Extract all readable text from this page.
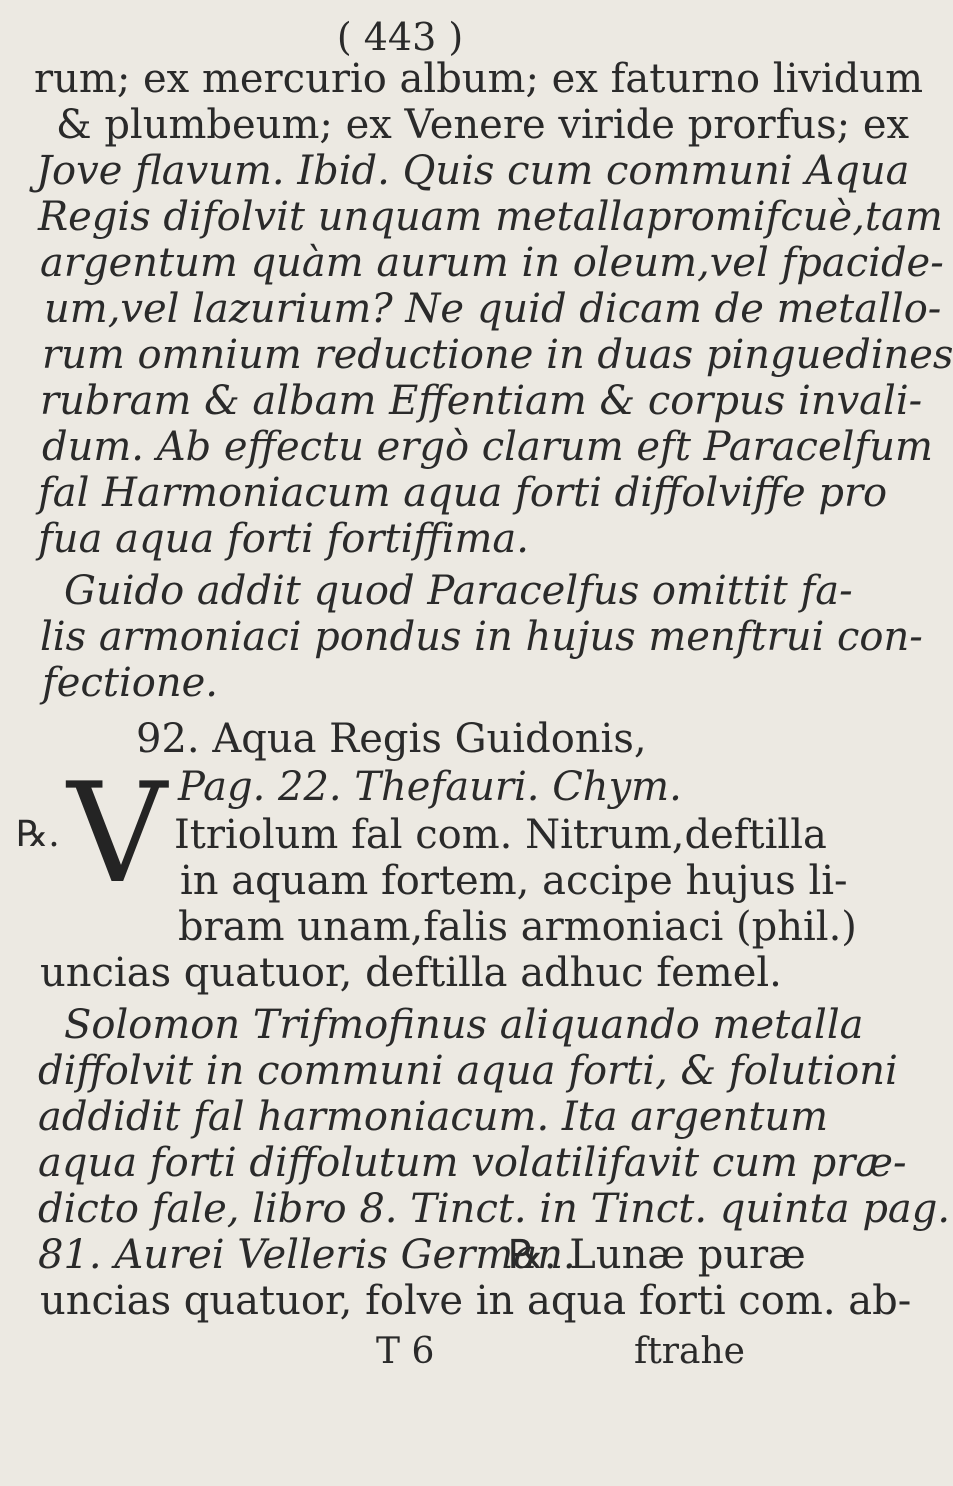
( 443 )
rum; ex mercurio album; ex faturno lividum
& plumbeum; ex Venere viride prorfus; ex
Jove flavum. Ibid. Quis cum communi Aqua
Regis difolvit unquam metallapromifcuè,tam
argentum quàm aurum in oleum,vel fpacide-
um,vel lazurium? Ne quid dicam de metallo-
rum omnium reductione in duas pinguedines
rubram & albam Effentiam & corpus invali-
dum. Ab effectu ergò clarum eft Paracelfum
fal Harmoniacum aqua forti diffolviffe pro
fua aqua forti fortiffima.
Guido addit quod Paracelfus omittit fa-
lis armoniaci pondus in hujus menftrui con-
fectione.
92. Aqua Regis Guidonis,
Pag. 22. Thefauri. Chym.
℞. V Itriolum fal com. Nitrum,deftilla
in aquam fortem, accipe hujus li-
bram unam,falis armoniaci (phil.)
uncias quatuor, deftilla adhuc femel.
Solomon Trifmofinus aliquando metalla
diffolvit in communi aqua forti, & folutioni
addidit fal harmoniacum. Ita argentum
aqua forti diffolutum volatilifavit cum præ-
dicto fale, libro 8. Tinct. in Tinct. quinta pag.
81. Aurei Velleris German.
℞. Lunæ puræ
uncias quatuor, folve in aqua forti com. ab-
T 6	ftrahe
